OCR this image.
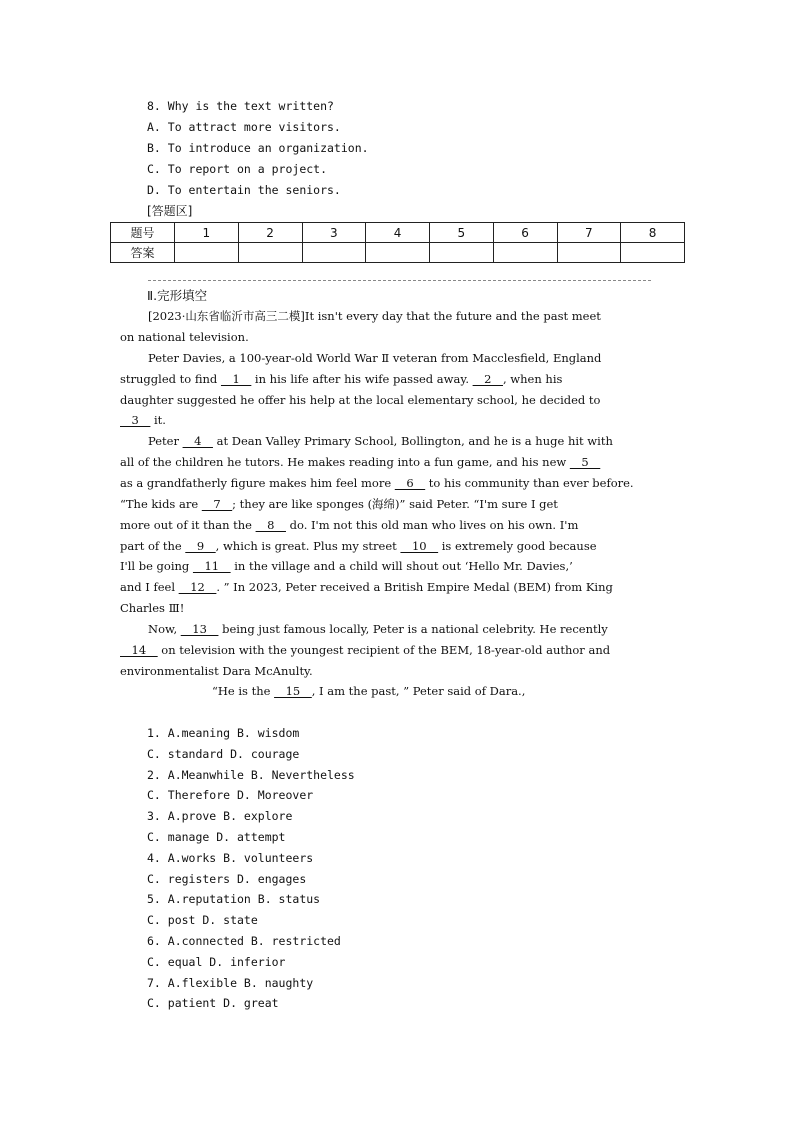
8. Why is the text written?
A. To attract more visitors.
B. To introduce an organization.
C. To report on a project.
D. To entertain the seniors.
[答题区]
题号	1	2	3	4	5	6	7	8
答案								
Ⅱ.完形填空
[2023·山东省临沂市高三二模]It isn't every day that the future and the past meet
on national television.
Peter Davies, a 100-year-old World War Ⅱ veteran from Macclesfield, England
struggled to find __1__ in his life after his wife passed away. __2__, when his
daughter suggested he offer his help at the local elementary school, he decided to
__3__ it.
Peter __4__ at Dean Valley Primary School, Bollington, and he is a huge hit with
all of the children he tutors. He makes reading into a fun game, and his new __5__
as a grandfatherly figure makes him feel more __6__ to his community than ever before.
“The kids are __7__; they are like sponges (海绵)” said Peter. “I'm sure I get
more out of it than the __8__ do. I'm not this old man who lives on his own. I'm
part of the __9__, which is great. Plus my street __10__ is extremely good because
I'll be going __11__ in the village and a child will shout out ‘Hello Mr. Davies,’
and I feel __12__. ” In 2023, Peter received a British Empire Medal (BEM) from King
Charles Ⅲ!
Now, __13__ being just famous locally, Peter is a national celebrity. He recently
__14__ on television with the youngest recipient of the BEM, 18-year-old author and
environmentalist Dara McAnulty.
“He is the __15__, I am the past, ” Peter said of Dara.,
1. A.meaning B. wisdom
C. standard D. courage
2. A.Meanwhile B. Nevertheless
C. Therefore D. Moreover
3. A.prove B. explore
C. manage D. attempt
4. A.works B. volunteers
C. registers D. engages
5. A.reputation B. status
C. post D. state
6. A.connected B. restricted
C. equal D. inferior
7. A.flexible B. naughty
C. patient D. great
